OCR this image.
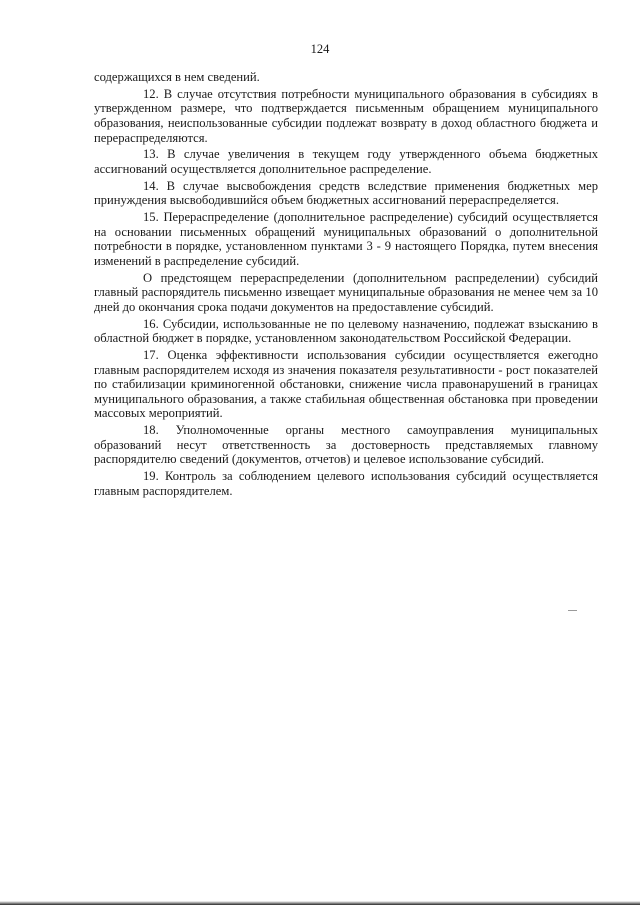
124

содержащихся в нем сведений.

12. В случае отсутствия потребности муниципального образования в субсидиях в утвержденном размере, что подтверждается письменным обращением муниципального образования, неиспользованные субсидии подлежат возврату в доход областного бюджета и перераспределяются.

13. В случае увеличения в текущем году утвержденного объема бюджетных ассигнований осуществляется дополнительное распределение.

14. В случае высвобождения средств вследствие применения бюджетных мер принуждения высвободившийся объем бюджетных ассигнований перераспределяется.

15. Перераспределение (дополнительное распределение) субсидий осуществляется на основании письменных обращений муниципальных образований о дополнительной потребности в порядке, установленном пунктами 3 - 9 настоящего Порядка, путем внесения изменений в распределение субсидий.

О предстоящем перераспределении (дополнительном распределении) субсидий главный распорядитель письменно извещает муниципальные образования не менее чем за 10 дней до окончания срока подачи документов на предоставление субсидий.

16. Субсидии, использованные не по целевому назначению, подлежат взысканию в областной бюджет в порядке, установленном законодательством Российской Федерации.

17. Оценка эффективности использования субсидии осуществляется ежегодно главным распорядителем исходя из значения показателя результативности - рост показателей по стабилизации криминогенной обстановки, снижение числа правонарушений в границах муниципального образования, а также стабильная общественная обстановка при проведении массовых мероприятий.

18. Уполномоченные органы местного самоуправления муниципальных образований несут ответственность за достоверность представляемых главному распорядителю сведений (документов, отчетов) и целевое использование субсидий.

19. Контроль за соблюдением целевого использования субсидий осуществляется главным распорядителем.
